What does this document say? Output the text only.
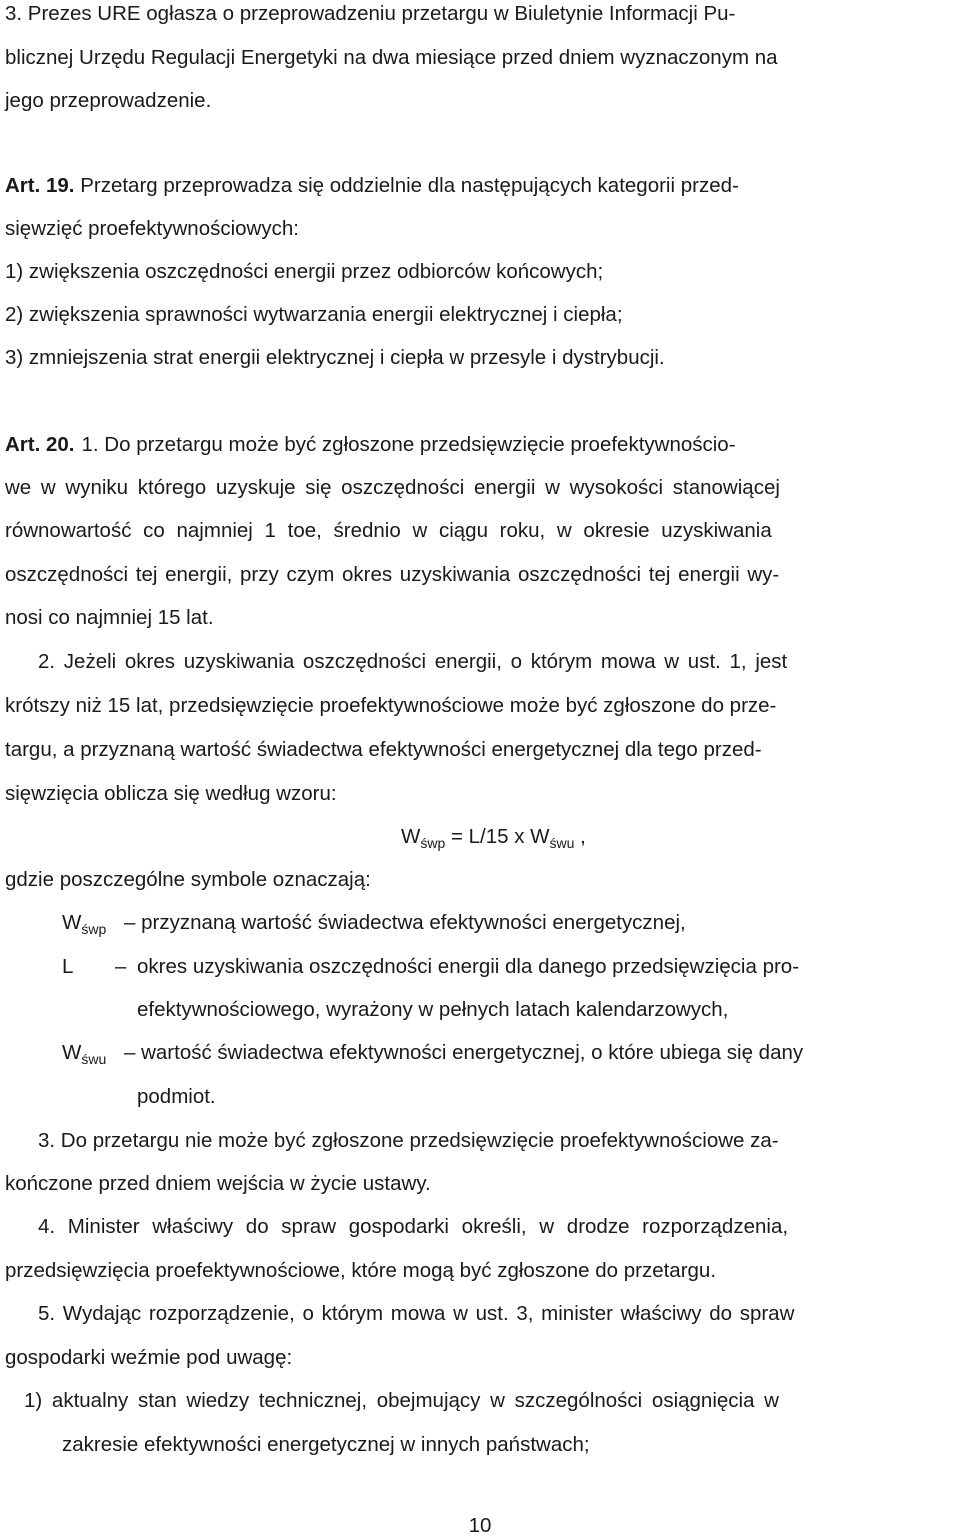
3. Prezes URE ogłasza o przeprowadzeniu przetargu w Biuletynie Informacji Pu-
blicznej Urzędu Regulacji Energetyki na dwa miesiące przed dniem wyznaczonym na
jego przeprowadzenie.
Art. 19. Przetarg przeprowadza się oddzielnie dla następujących kategorii przed-
sięwzięć proefektywnościowych:
1) zwiększenia oszczędności energii przez odbiorców końcowych;
2) zwiększenia sprawności wytwarzania energii elektrycznej i ciepła;
3) zmniejszenia strat energii elektrycznej i ciepła w przesyle i dystrybucji.
Art. 20. 1. Do przetargu może być zgłoszone przedsięwzięcie proefektywnościo-
we w wyniku którego uzyskuje się oszczędności energii w wysokości stanowiącej
równowartość co najmniej 1 toe, średnio w ciągu roku, w okresie uzyskiwania
oszczędności tej energii, przy czym okres uzyskiwania oszczędności tej energii wy-
nosi co najmniej 15 lat.
2. Jeżeli okres uzyskiwania oszczędności energii, o którym mowa w ust. 1, jest
krótszy niż 15 lat, przedsięwzięcie proefektywnościowe może być zgłoszone do prze-
targu, a przyznaną wartość świadectwa efektywności energetycznej dla tego przed-
sięwzięcia oblicza się według wzoru:
$W_{śwp} = L/15$ x $W_{śwu}$ ,
gdzie poszczególne symbole oznaczają:
$W_{śwp}$ – przyznaną wartość świadectwa efektywności energetycznej,
L – okres uzyskiwania oszczędności energii dla danego przedsięwzięcia pro-
efektywnościowego, wyrażony w pełnych latach kalendarzowych,
$W_{śwu}$ – wartość świadectwa efektywności energetycznej, o które ubiega się dany
podmiot.
3. Do przetargu nie może być zgłoszone przedsięwzięcie proefektywnościowe za-
kończone przed dniem wejścia w życie ustawy.
4. Minister właściwy do spraw gospodarki określi, w drodze rozporządzenia,
przedsięwzięcia proefektywnościowe, które mogą być zgłoszone do przetargu.
5. Wydając rozporządzenie, o którym mowa w ust. 3, minister właściwy do spraw
gospodarki weźmie pod uwagę:
1) aktualny stan wiedzy technicznej, obejmujący w szczególności osiągnięcia w
zakresie efektywności energetycznej w innych państwach;
10
